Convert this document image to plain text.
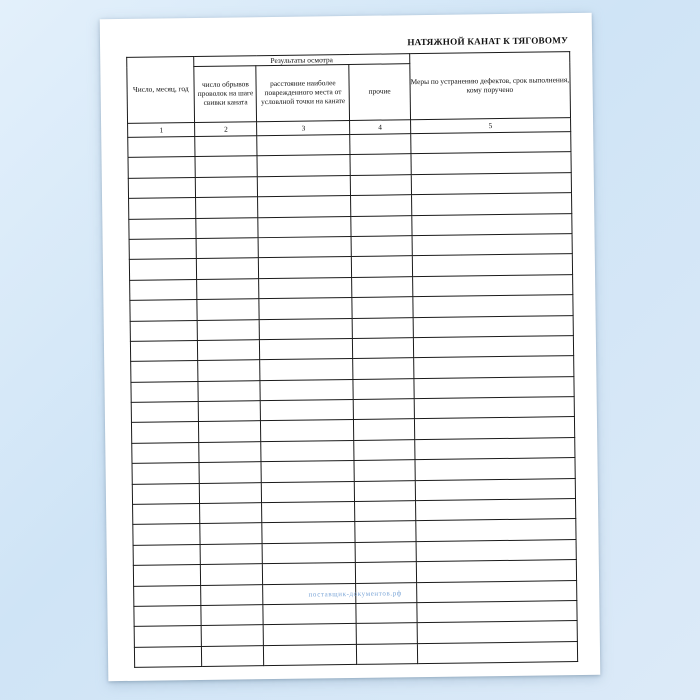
НАТЯЖНОЙ КАНАТ К ТЯГОВОМУ
Число, месяц, год	Результаты осмотра			Меры по устранению дефектов, срок выполнения, кому поручено
	число обрывов проволок на шаге свивки каната	расстояние наиболее поврежденного места от условлной точки на канате	прочие	
1	2	3	4	5

поставщик-документов.рф
